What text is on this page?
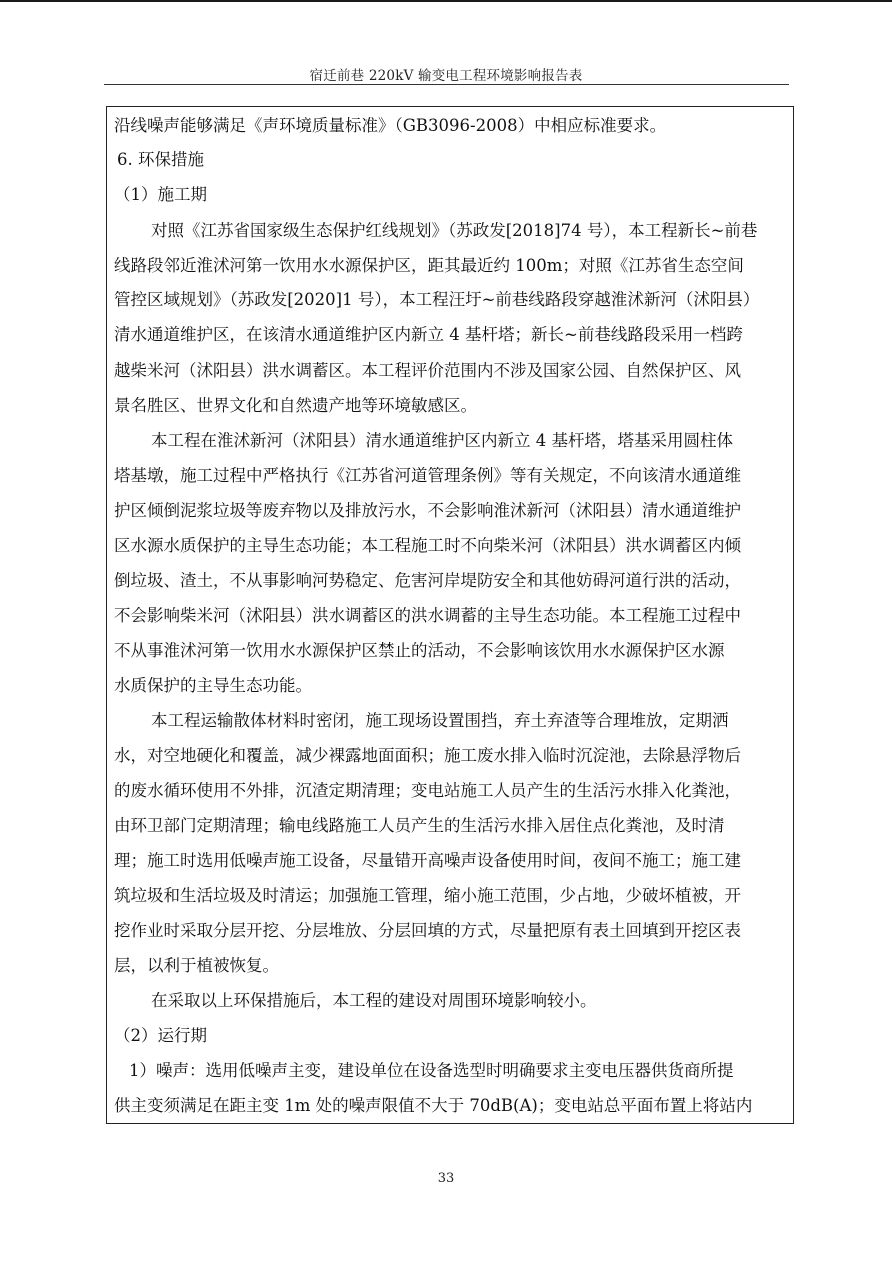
宿迁前巷 220kV 输变电工程环境影响报告表
沿线噪声能够满足《声环境质量标准》（GB3096-2008）中相应标准要求。
6. 环保措施
（1）施工期
对照《江苏省国家级生态保护红线规划》（苏政发[2018]74 号），本工程新长~前巷
线路段邻近淮沭河第一饮用水水源保护区，距其最近约 100m；对照《江苏省生态空间
管控区域规划》（苏政发[2020]1 号），本工程汪圩~前巷线路段穿越淮沭新河（沭阳县）
清水通道维护区，在该清水通道维护区内新立 4 基杆塔；新长~前巷线路段采用一档跨
越柴米河（沭阳县）洪水调蓄区。本工程评价范围内不涉及国家公园、自然保护区、风
景名胜区、世界文化和自然遗产地等环境敏感区。
本工程在淮沭新河（沭阳县）清水通道维护区内新立 4 基杆塔，塔基采用圆柱体
塔基墩，施工过程中严格执行《江苏省河道管理条例》等有关规定，不向该清水通道维
护区倾倒泥浆垃圾等废弃物以及排放污水，不会影响淮沭新河（沭阳县）清水通道维护
区水源水质保护的主导生态功能；本工程施工时不向柴米河（沭阳县）洪水调蓄区内倾
倒垃圾、渣土，不从事影响河势稳定、危害河岸堤防安全和其他妨碍河道行洪的活动，
不会影响柴米河（沭阳县）洪水调蓄区的洪水调蓄的主导生态功能。本工程施工过程中
不从事淮沭河第一饮用水水源保护区禁止的活动，不会影响该饮用水水源保护区水源
水质保护的主导生态功能。
本工程运输散体材料时密闭，施工现场设置围挡，弃土弃渣等合理堆放，定期洒
水，对空地硬化和覆盖，减少裸露地面面积；施工废水排入临时沉淀池，去除悬浮物后
的废水循环使用不外排，沉渣定期清理；变电站施工人员产生的生活污水排入化粪池，
由环卫部门定期清理；输电线路施工人员产生的生活污水排入居住点化粪池，及时清
理；施工时选用低噪声施工设备，尽量错开高噪声设备使用时间，夜间不施工；施工建
筑垃圾和生活垃圾及时清运；加强施工管理，缩小施工范围，少占地，少破坏植被，开
挖作业时采取分层开挖、分层堆放、分层回填的方式，尽量把原有表土回填到开挖区表
层，以利于植被恢复。
在采取以上环保措施后，本工程的建设对周围环境影响较小。
（2）运行期
1）噪声：选用低噪声主变，建设单位在设备选型时明确要求主变电压器供货商所提
供主变须满足在距主变 1m 处的噪声限值不大于 70dB(A)；变电站总平面布置上将站内
33
